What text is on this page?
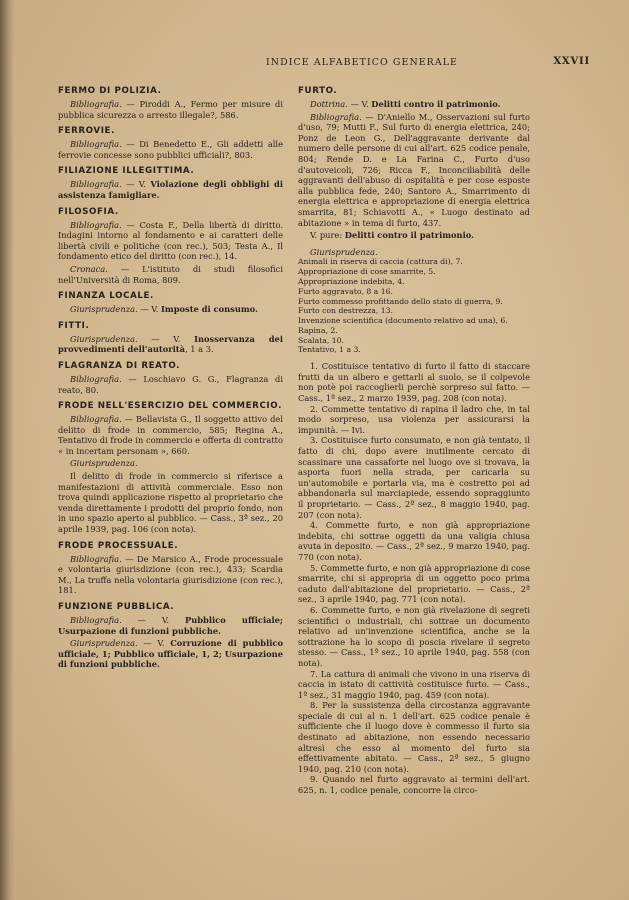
INDICE ALFABETICO GENERALE	XXVII

FERMO DI POLIZIA.

Bibliografia. — Piroddi A., Fermo per misure di pubblica sicurezza o arresto illegale?, 586.

FERROVIE.

Bibliografia. — Di Benedetto E., Gli addetti alle ferrovie concesse sono pubblici ufficiali?, 803.

FILIAZIONE ILLEGITTIMA.

Bibliografia. — V. Violazione degli obblighi di assistenza famigliare.

FILOSOFIA.

Bibliografia. — Costa F., Della libertà di diritto. Indagini intorno al fondamento e ai caratteri delle libertà civili e politiche (con rec.), 503; Testa A., Il fondamento etico del diritto (con rec.), 14.

Cronaca. — L'istituto di studi filosofici nell'Università di Roma, 809.

FINANZA LOCALE.

Giurisprudenza. — V. Imposte di consumo.

FITTI.

Giurisprudenza. — V. Inosservanza dei provvedimenti dell'autorità, 1 a 3.

FLAGRANZA DI REATO.

Bibliografia. — Loschiavo G. G., Flagranza di reato, 80.

FRODE NELL'ESERCIZIO DEL COMMERCIO.

Bibliografia. — Bellavista G., Il soggetto attivo del delitto di frode in commercio, 585; Regina A., Tentativo di frode in commercio e offerta di contratto « in incertam personam », 660.

Giurisprudenza.

Il delitto di frode in commercio si riferisce a manifestazioni di attività commerciale. Esso non trova quindi applicazione rispetto al proprietario che venda direttamente i prodotti del proprio fondo, non in uno spazio aperto al pubblico. — Cass., 3ª sez., 20 aprile 1939, pag. 106 (con nota).

FRODE PROCESSUALE.

Bibliografia. — De Marsico A., Frode processuale e volontaria giurisdizione (con rec.), 433; Scardia M., La truffa nella volontaria giurisdizione (con rec.), 181.

FUNZIONE PUBBLICA.

Bibliografia. — V. Pubblico ufficiale; Usurpazione di funzioni pubbliche.

Giurisprudenza. — V. Corruzione di pubblico ufficiale, 1; Pubblico ufficiale, 1, 2; Usurpazione di funzioni pubbliche.

FURTO.

Dottrina. — V. Delitti contro il patrimonio.

Bibliografia. — D'Aniello M., Osservazioni sul furto d'uso, 79; Mutti F., Sul furto di energia elettrica, 240; Ponz de Leon G., Dell'aggravante derivante dal numero delle persone di cui all'art. 625 codice penale, 804; Rende D. e La Farina C., Furto d'uso d'autoveicoli, 726; Ricca F., Inconciliabilità delle aggravanti dell'abuso di ospitalità e per cose esposte alla pubblica fede, 240; Santoro A., Smarrimento di energia elettrica e appropriazione di energia elettrica smarrita, 81; Schiavotti A., « Luogo destinato ad abitazione » in tema di furto, 437.

V. pure: Delitti contro il patrimonio.

Giurisprudenza.

Animali in riserva di caccia (cattura di), 7.
Appropriazione di cose smarrite, 5.
Appropriazione indebita, 4.
Furto aggravato, 8 a 16.
Furto commesso profittando dello stato di guerra, 9.
Furto con destrezza, 13.
Invenzione scientifica (documento relativo ad una), 6.
Rapina, 2.
Scalata, 10.
Tentativo, 1 a 3.

1. Costituisce tentativo di furto il fatto di staccare frutti da un albero e gettarli al suolo, se il colpevole non potè poi raccoglierli perchè sorpreso sul fatto. — Cass., 1ª sez., 2 marzo 1939, pag. 208 (con nota).

2. Commette tentativo di rapina il ladro che, in tal modo sorpreso, usa violenza per assicurarsi la impunità. — Ivi.

3. Costituisce furto consumato, e non già tentato, il fatto di chi, dopo avere inutilmente cercato di scassinare una cassaforte nel luogo ove si trovava, la asporta fuori nella strada, per caricarla su un'automobile e portarla via, ma è costretto poi ad abbandonarla sul marciapiede, essendo sopraggiunto il proprietario. — Cass., 2ª sez., 8 maggio 1940, pag. 207 (con nota).

4. Commette furto, e non già appropriazione indebita, chi sottrae oggetti da una valigia chiusa avuta in deposito. — Cass., 2ª sez., 9 marzo 1940, pag. 770 (con nota).

5. Commette furto, e non già appropriazione di cose smarrite, chi si appropria di un oggetto poco prima caduto dall'abitazione del proprietario. — Cass., 2ª sez., 3 aprile 1940, pag. 771 (con nota).

6. Commette furto, e non già rivelazione di segreti scientifici o industriali, chi sottrae un documento relativo ad un'invenzione scientifica, anche se la sottrazione ha lo scopo di poscia rivelare il segreto stesso. — Cass., 1ª sez., 10 aprile 1940, pag. 558 (con nota).

7. La cattura di animali che vivono in una riserva di caccia in istato di cattività costituisce furto. — Cass., 1ª sez., 31 maggio 1940, pag. 459 (con nota).

8. Per la sussistenza della circostanza aggravante speciale di cui al n. 1 dell'art. 625 codice penale è sufficiente che il luogo dove è commesso il furto sia destinato ad abitazione, non essendo necessario altresì che esso al momento del furto sia effettivamente abitato. — Cass., 2ª sez., 5 giugno 1940, pag. 210 (con nota).

9. Quando nel furto aggravato ai termini dell'art. 625, n. 1, codice penale, concorre la circo-
